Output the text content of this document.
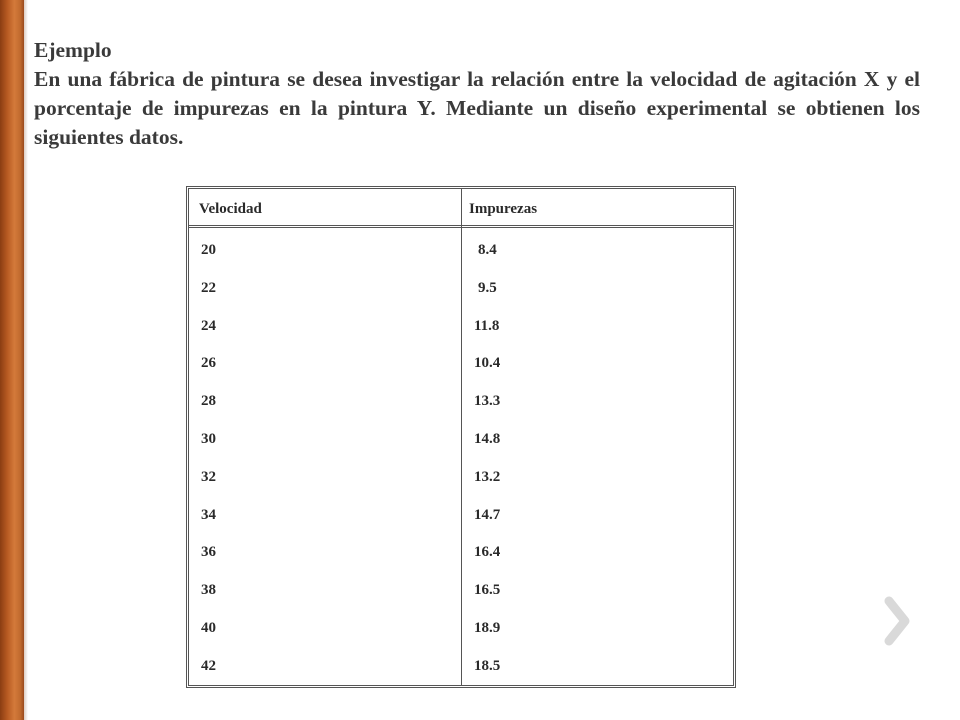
Ejemplo
En una fábrica de pintura se desea investigar la relación entre la velocidad de agitación X y el porcentaje de impurezas en la pintura Y. Mediante un diseño experimental se obtienen los siguientes datos.
Velocidad	Impurezas
20	8.4
22	9.5
24	11.8
26	10.4
28	13.3
30	14.8
32	13.2
34	14.7
36	16.4
38	16.5
40	18.9
42	18.5
